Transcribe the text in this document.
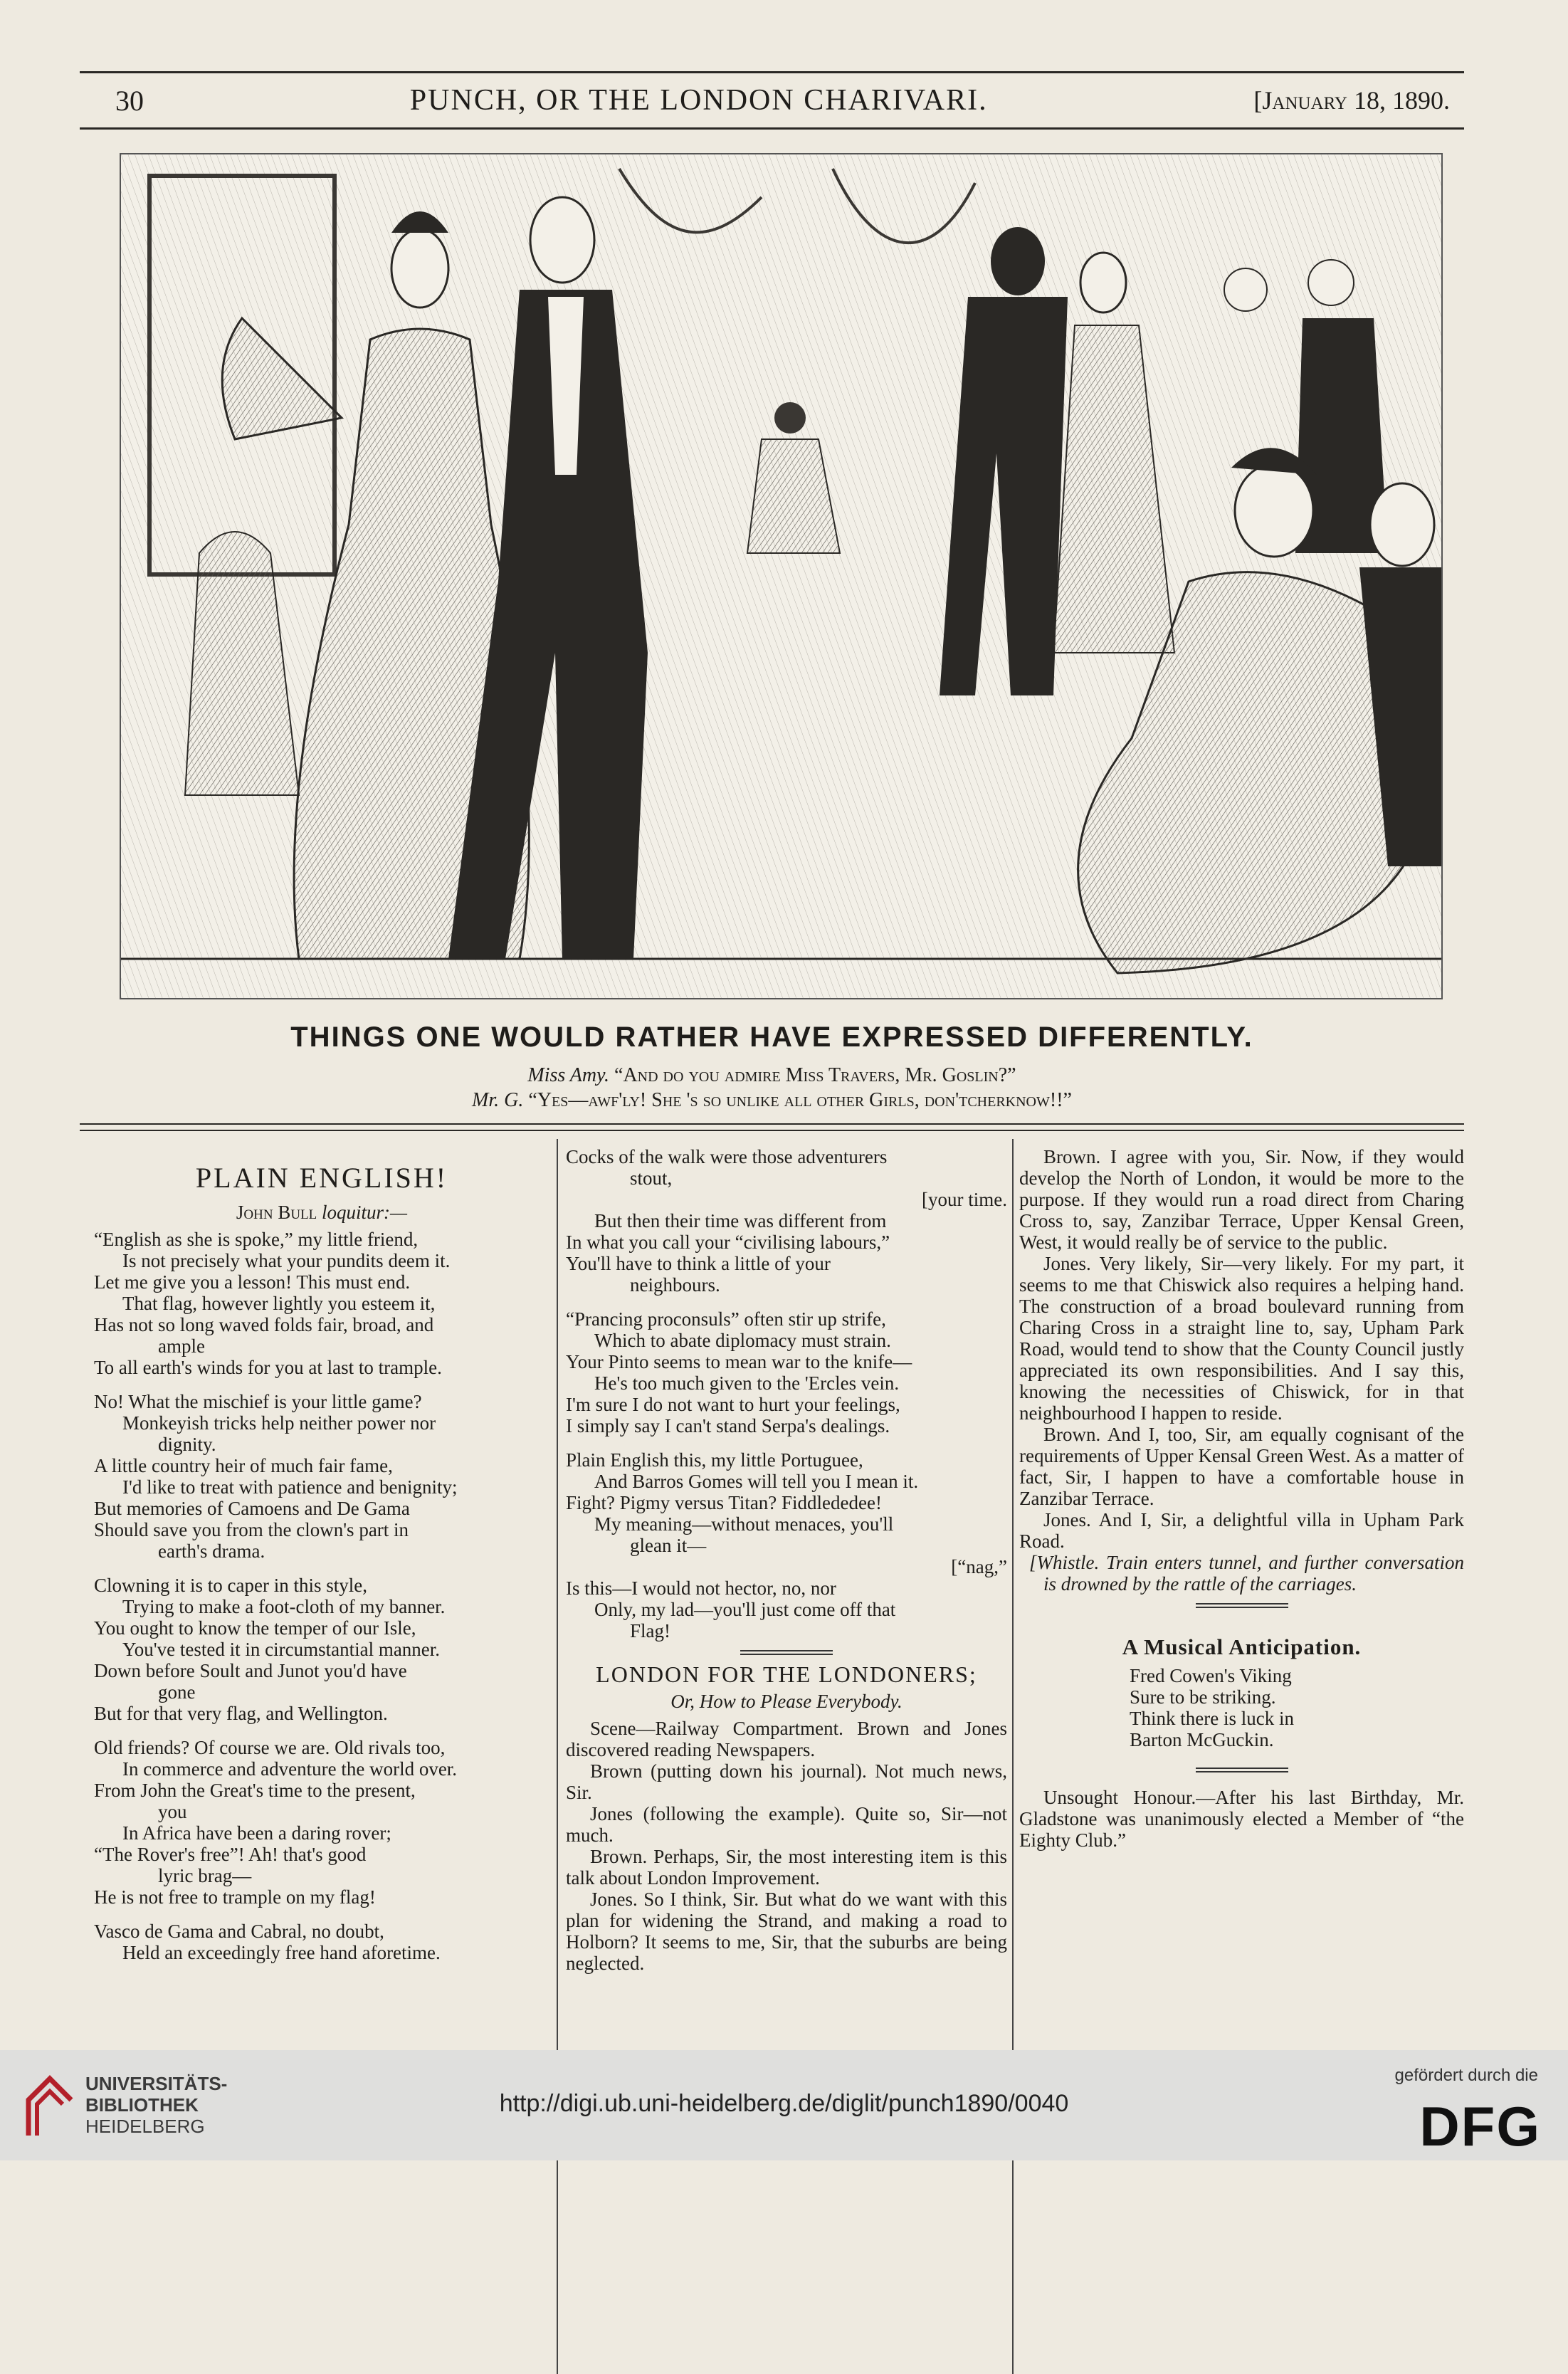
30	PUNCH, OR THE LONDON CHARIVARI.	[January 18, 1890.
THINGS ONE WOULD RATHER HAVE EXPRESSED DIFFERENTLY.
Miss Amy. “And do you admire Miss Travers, Mr. Goslin?”
Mr. G. “Yes—awf'ly! She 's so unlike all other Girls, don'tcherknow!!”
PLAIN ENGLISH!
John Bull loquitur:—
“English as she is spoke,” my little friend,
Is not precisely what your pundits deem it.
Let me give you a lesson! This must end.
That flag, however lightly you esteem it,
Has not so long waved folds fair, broad, and
ample
To all earth's winds for you at last to trample.
No! What the mischief is your little game?
Monkeyish tricks help neither power nor
dignity.
A little country heir of much fair fame,
I'd like to treat with patience and benignity;
But memories of Camoens and De Gama
Should save you from the clown's part in
earth's drama.
Clowning it is to caper in this style,
Trying to make a foot-cloth of my banner.
You ought to know the temper of our Isle,
You've tested it in circumstantial manner.
Down before Soult and Junot you'd have
gone
But for that very flag, and Wellington.
Old friends? Of course we are. Old rivals too,
In commerce and adventure the world over.
From John the Great's time to the present,
you
In Africa have been a daring rover;
“The Rover's free”! Ah! that's good
lyric brag—
He is not free to trample on my flag!
Vasco de Gama and Cabral, no doubt,
Held an exceedingly free hand aforetime.
Cocks of the walk were those adventurers
stout,
[your time.
But then their time was different from
In what you call your “civilising labours,”
You'll have to think a little of your
neighbours.
“Prancing proconsuls” often stir up strife,
Which to abate diplomacy must strain.
Your Pinto seems to mean war to the knife—
He's too much given to the 'Ercles vein.
I'm sure I do not want to hurt your feelings,
I simply say I can't stand Serpa's dealings.
Plain English this, my little Portuguee,
And Barros Gomes will tell you I mean it.
Fight? Pigmy versus Titan? Fiddlededee!
My meaning—without menaces, you'll
glean it—
[“nag,”
Is this—I would not hector, no, nor
Only, my lad—you'll just come off that
Flag!
LONDON FOR THE LONDONERS;
Or, How to Please Everybody.
Scene—Railway Compartment. Brown and Jones discovered reading Newspapers.
Brown (putting down his journal). Not much news, Sir.
Jones (following the example). Quite so, Sir—not much.
Brown. Perhaps, Sir, the most interesting item is this talk about London Improvement.
Jones. So I think, Sir. But what do we want with this plan for widening the Strand, and making a road to Holborn? It seems to me, Sir, that the suburbs are being neglected.
Brown. I agree with you, Sir. Now, if they would develop the North of London, it would be more to the purpose. If they would run a road direct from Charing Cross to, say, Zanzibar Terrace, Upper Kensal Green, West, it would really be of service to the public.
Jones. Very likely, Sir—very likely. For my part, it seems to me that Chiswick also requires a helping hand. The construction of a broad boulevard running from Charing Cross in a straight line to, say, Upham Park Road, would tend to show that the County Council justly appreciated its own responsibilities. And I say this, knowing the necessities of Chiswick, for in that neighbourhood I happen to reside.
Brown. And I, too, Sir, am equally cognisant of the requirements of Upper Kensal Green West. As a matter of fact, Sir, I happen to have a comfortable house in Zanzibar Terrace.
Jones. And I, Sir, a delightful villa in Upham Park Road.
[Whistle. Train enters tunnel, and further conversation is drowned by the rattle of the carriages.
A Musical Anticipation.
Fred Cowen's Viking
Sure to be striking.
Think there is luck in
Barton McGuckin.
Unsought Honour.—After his last Birthday, Mr. Gladstone was unanimously elected a Member of “the Eighty Club.”
UNIVERSITÄTS-
BIBLIOTHEK
HEIDELBERG
http://digi.ub.uni-heidelberg.de/diglit/punch1890/0040
gefördert durch die
DFG
